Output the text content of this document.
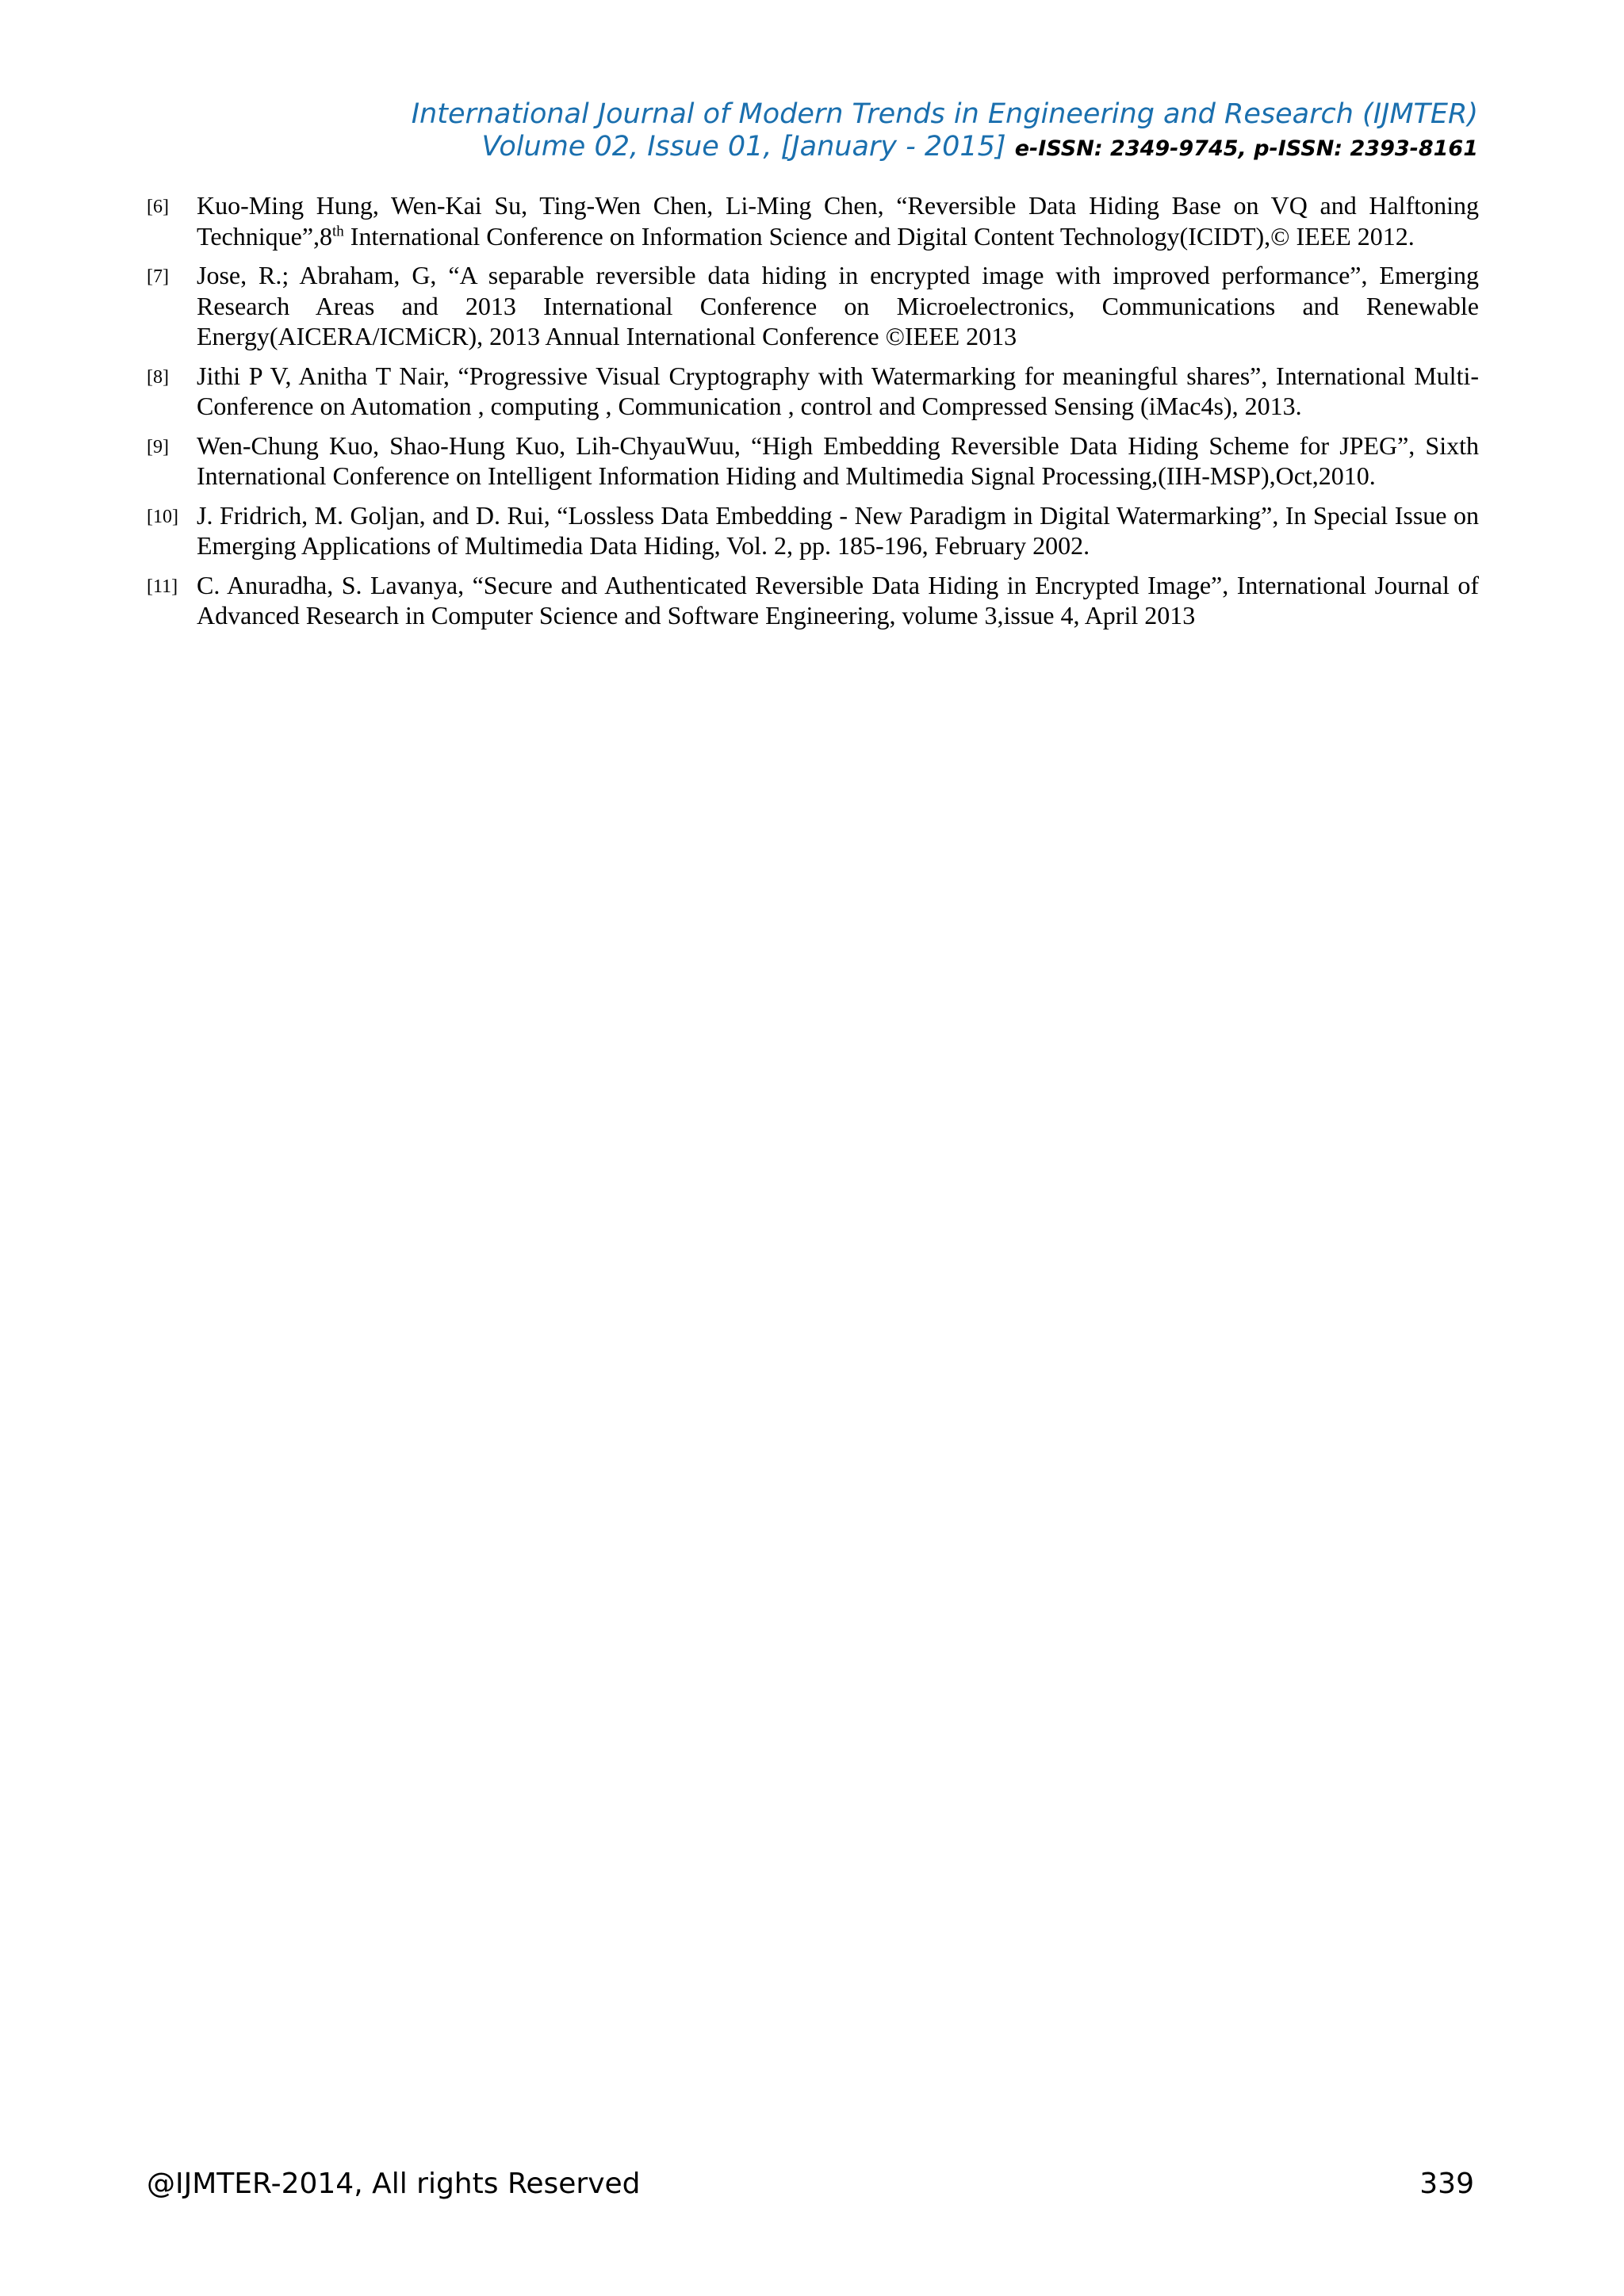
International Journal of Modern Trends in Engineering and Research (IJMTER)
Volume 02, Issue 01, [January - 2015] e-ISSN: 2349-9745, p-ISSN: 2393-8161
[6] Kuo-Ming Hung, Wen-Kai Su, Ting-Wen Chen, Li-Ming Chen, “Reversible Data Hiding Base on VQ and Halftoning Technique”,8th International Conference on Information Science and Digital Content Technology(ICIDT),© IEEE 2012.
[7] Jose, R.; Abraham, G, “A separable reversible data hiding in encrypted image with improved performance”, Emerging Research Areas and 2013 International Conference on Microelectronics, Communications and Renewable Energy(AICERA/ICMiCR), 2013 Annual International Conference ©IEEE 2013
[8] Jithi P V, Anitha T Nair, “Progressive Visual Cryptography with Watermarking for meaningful shares”, International Multi-Conference on Automation , computing , Communication , control and Compressed Sensing (iMac4s), 2013.
[9] Wen-Chung Kuo, Shao-Hung Kuo, Lih-ChyauWuu, “High Embedding Reversible Data Hiding Scheme for JPEG”, Sixth International Conference on Intelligent Information Hiding and Multimedia Signal Processing,(IIH-MSP),Oct,2010.
[10] J. Fridrich, M. Goljan, and D. Rui, “Lossless Data Embedding - New Paradigm in Digital Watermarking”, In Special Issue on Emerging Applications of Multimedia Data Hiding, Vol. 2, pp. 185-196, February 2002.
[11] C. Anuradha, S. Lavanya, “Secure and Authenticated Reversible Data Hiding in Encrypted Image”, International Journal of Advanced Research in Computer Science and Software Engineering, volume 3,issue 4, April 2013
@IJMTER-2014, All rights Reserved	339
